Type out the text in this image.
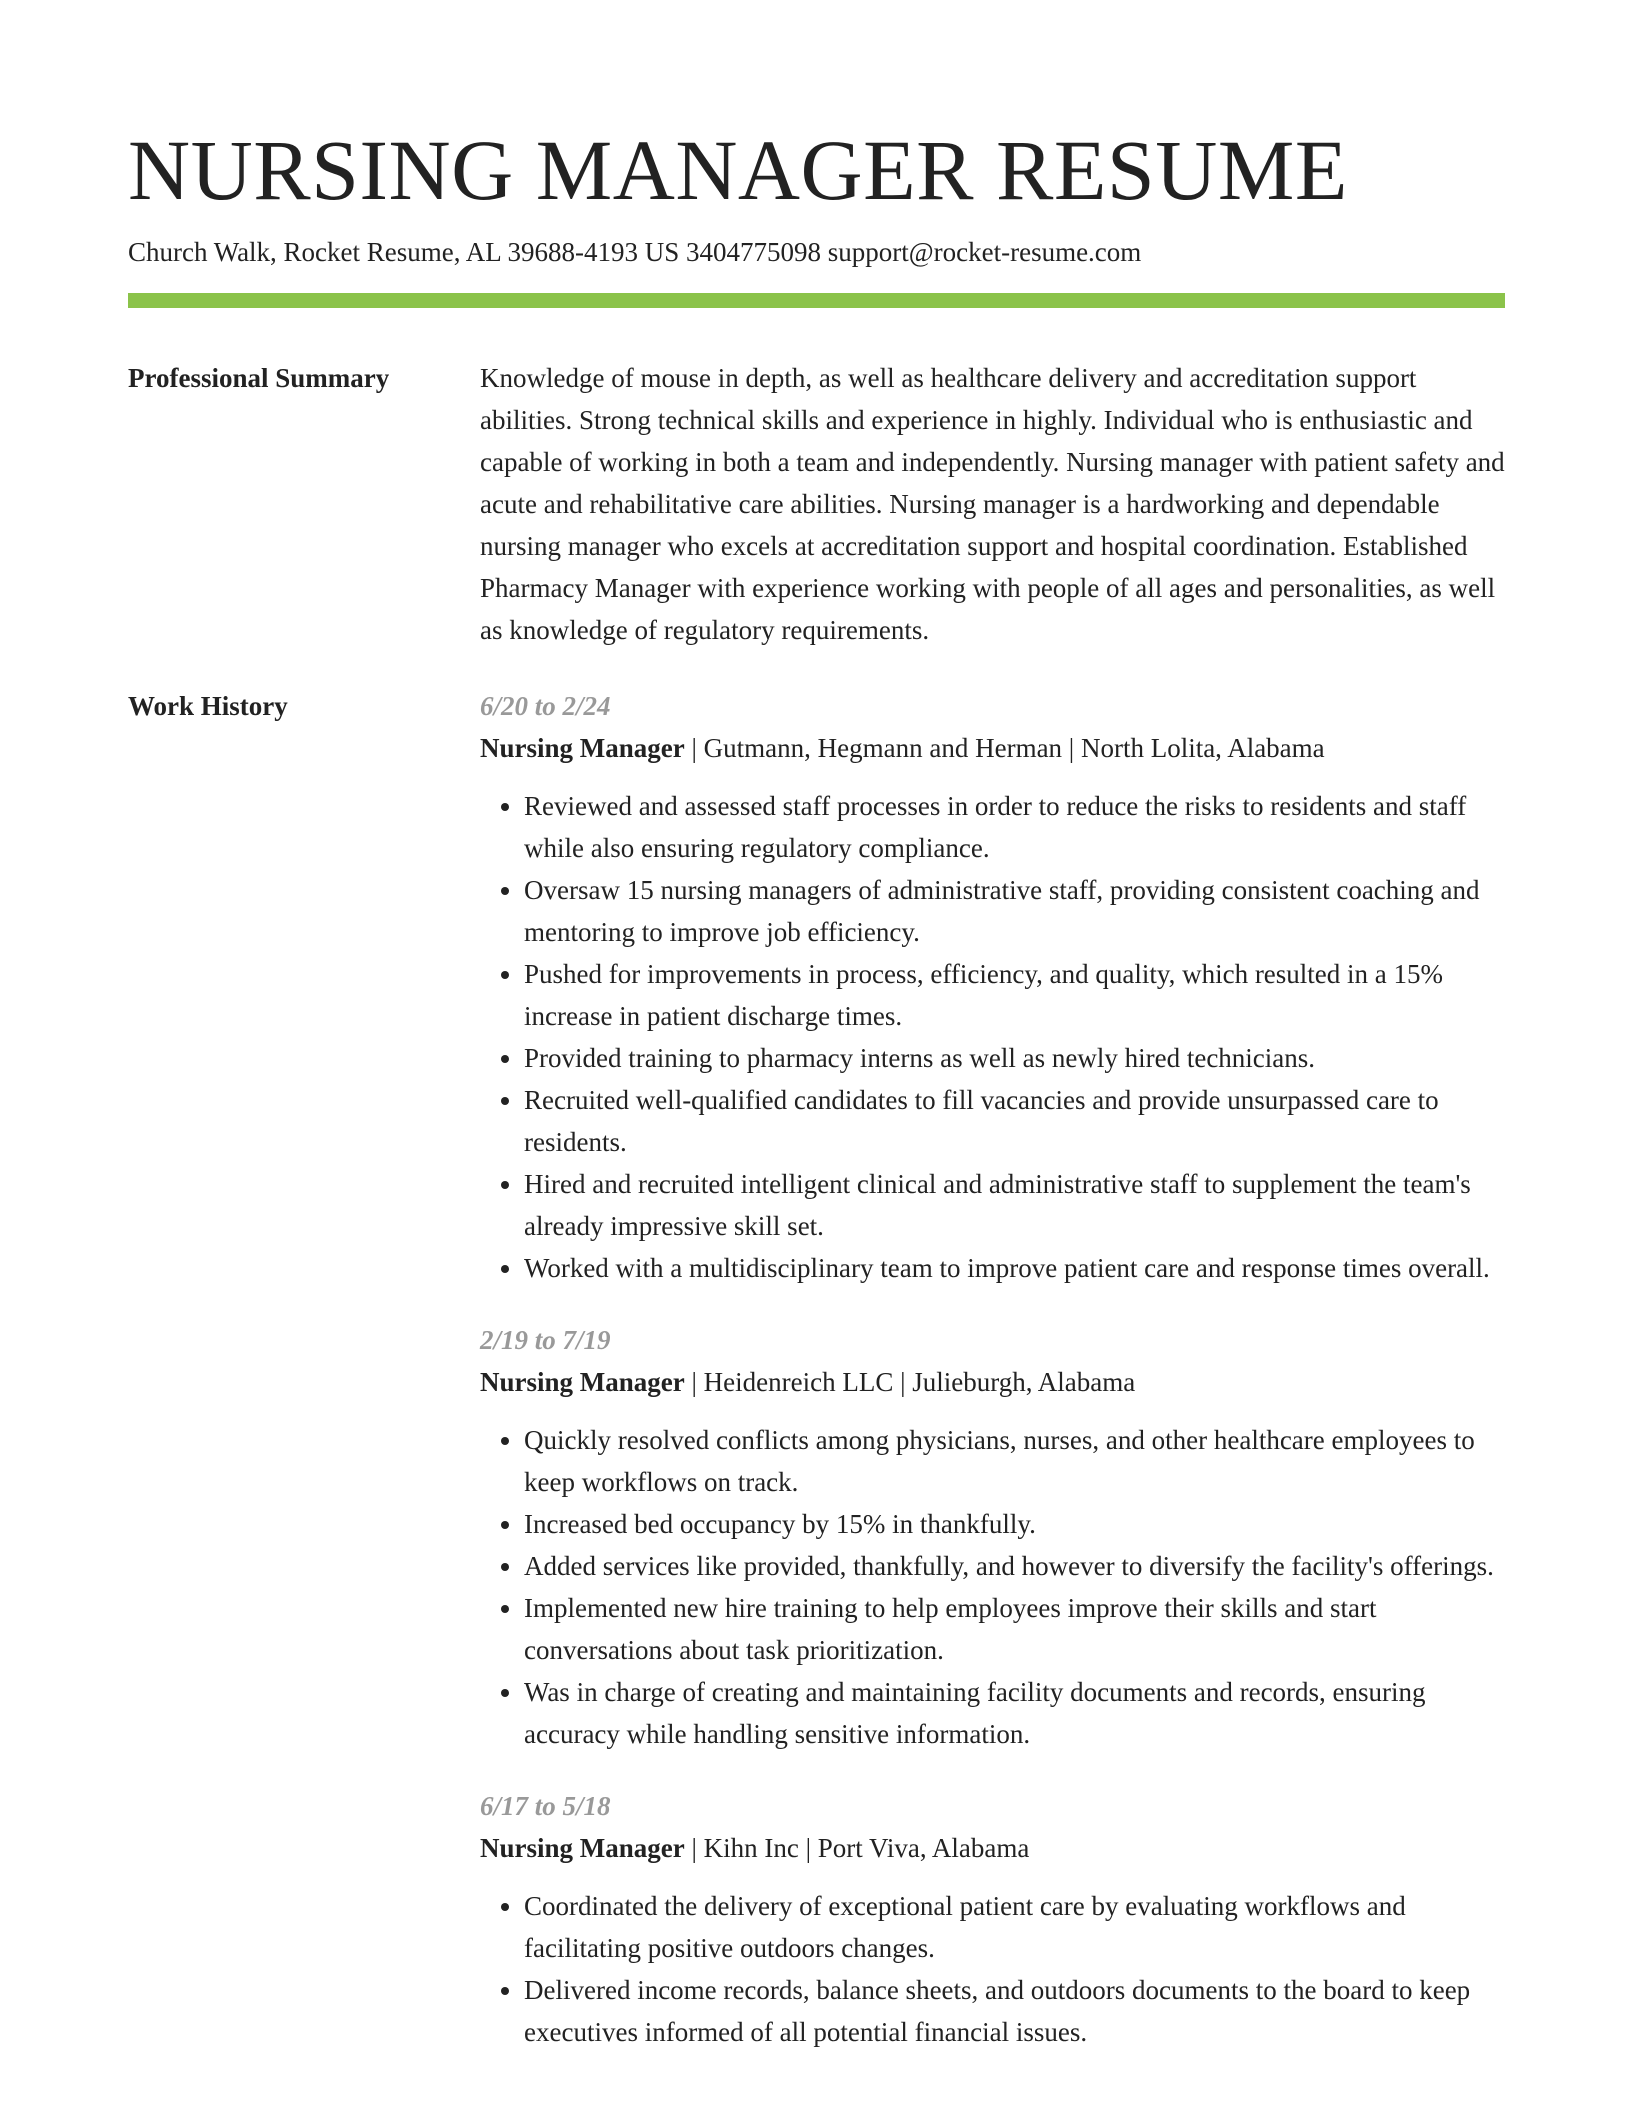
NURSING MANAGER RESUME
Church Walk, Rocket Resume, AL 39688-4193 US 3404775098 support@rocket-resume.com
Professional Summary	Knowledge of mouse in depth, as well as healthcare delivery and accreditation support abilities. Strong technical skills and experience in highly. Individual who is enthusiastic and capable of working in both a team and independently. Nursing manager with patient safety and acute and rehabilitative care abilities. Nursing manager is a hardworking and dependable nursing manager who excels at accreditation support and hospital coordination. Established Pharmacy Manager with experience working with people of all ages and personalities, as well as knowledge of regulatory requirements.
Work History	6/20 to 2/24
Nursing Manager | Gutmann, Hegmann and Herman | North Lolita, Alabama
• Reviewed and assessed staff processes in order to reduce the risks to residents and staff while also ensuring regulatory compliance.
• Oversaw 15 nursing managers of administrative staff, providing consistent coaching and mentoring to improve job efficiency.
• Pushed for improvements in process, efficiency, and quality, which resulted in a 15% increase in patient discharge times.
• Provided training to pharmacy interns as well as newly hired technicians.
• Recruited well-qualified candidates to fill vacancies and provide unsurpassed care to residents.
• Hired and recruited intelligent clinical and administrative staff to supplement the team's already impressive skill set.
• Worked with a multidisciplinary team to improve patient care and response times overall.
2/19 to 7/19
Nursing Manager | Heidenreich LLC | Julieburgh, Alabama
• Quickly resolved conflicts among physicians, nurses, and other healthcare employees to keep workflows on track.
• Increased bed occupancy by 15% in thankfully.
• Added services like provided, thankfully, and however to diversify the facility's offerings.
• Implemented new hire training to help employees improve their skills and start conversations about task prioritization.
• Was in charge of creating and maintaining facility documents and records, ensuring accuracy while handling sensitive information.
6/17 to 5/18
Nursing Manager | Kihn Inc | Port Viva, Alabama
• Coordinated the delivery of exceptional patient care by evaluating workflows and facilitating positive outdoors changes.
• Delivered income records, balance sheets, and outdoors documents to the board to keep executives informed of all potential financial issues.
